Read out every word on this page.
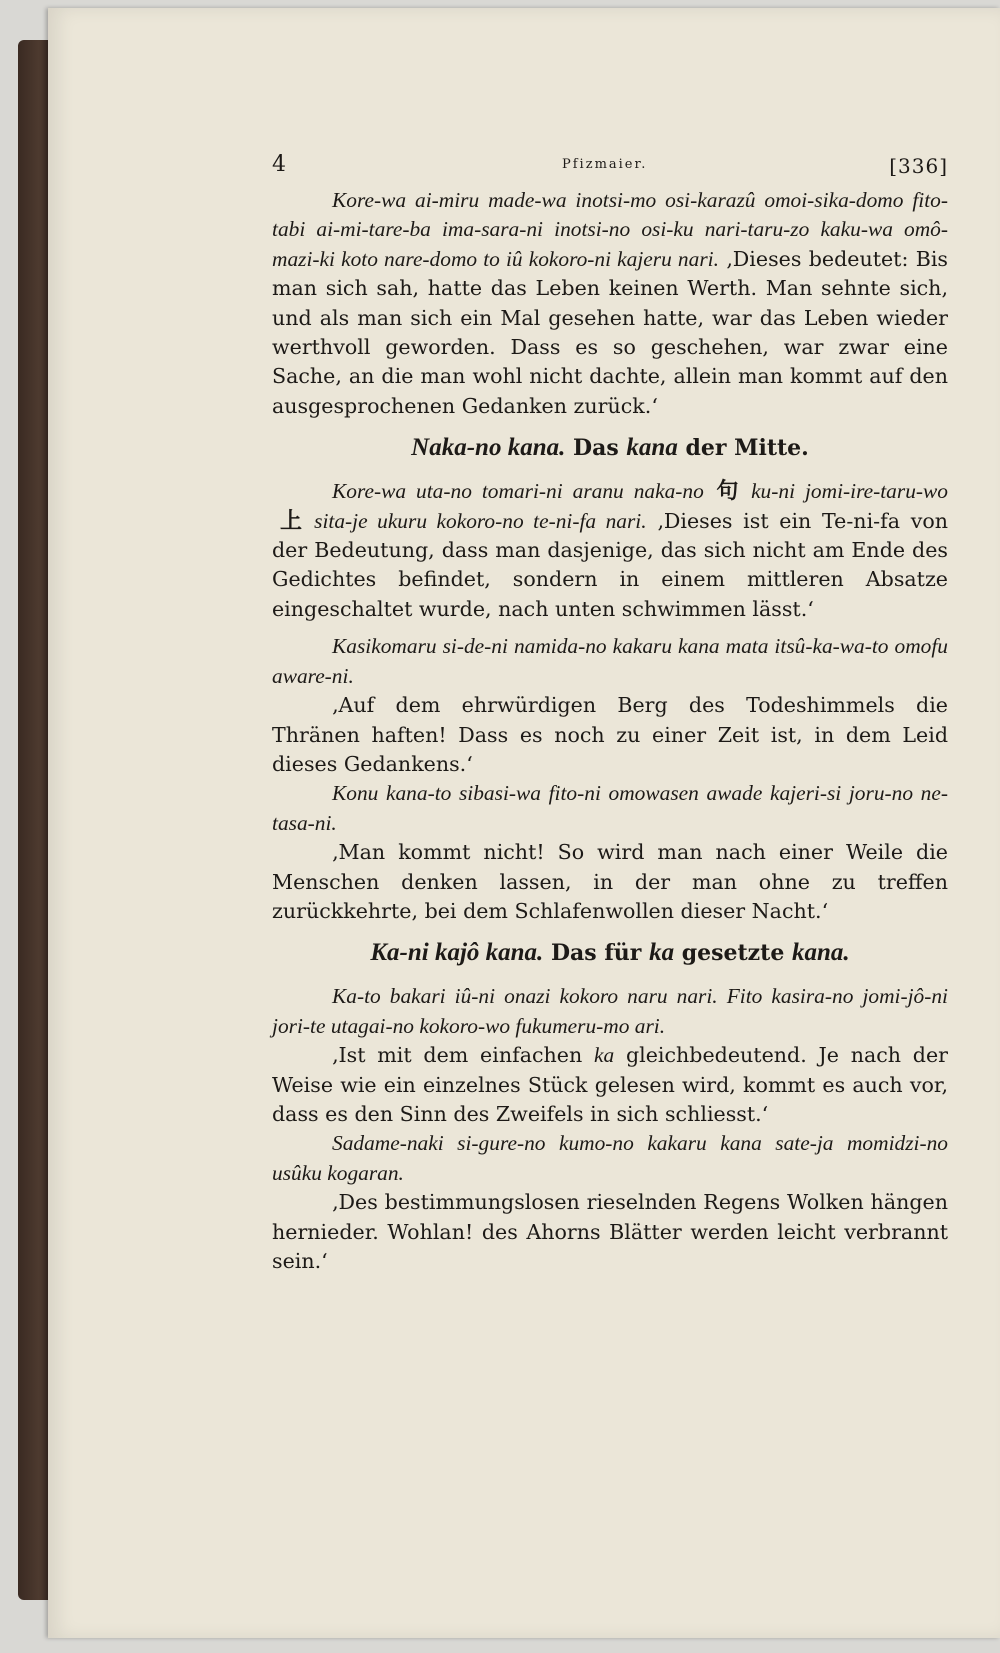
4	Pfizmaier.	[336]

Kore-wa ai-miru made-wa inotsi-mo osi-karazû omoi-sika-domo fito-tabi ai-mi-tare-ba ima-sara-ni inotsi-no osi-ku nari-taru-zo kaku-wa omô-mazi-ki koto nare-domo to iû kokoro-ni kajeru nari. ‚Dieses bedeutet: Bis man sich sah, hatte das Leben keinen Werth. Man sehnte sich, und als man sich ein Mal gesehen hatte, war das Leben wieder werthvoll geworden. Dass es so geschehen, war zwar eine Sache, an die man wohl nicht dachte, allein man kommt auf den ausgesprochenen Gedanken zurück.‘

Naka-no kana. Das kana der Mitte.

Kore-wa uta-no tomari-ni aranu naka-no 句 ku-ni jomi-ire-taru-wo上 sita-je ukuru kokoro-no te-ni-fa nari. ‚Dieses ist ein Te-ni-fa von der Bedeutung, dass man dasjenige, das sich nicht am Ende des Gedichtes befindet, sondern in einem mittleren Absatze eingeschaltet wurde, nach unten schwimmen lässt.‘

Kasikomaru si-de-ni namida-no kakaru kana mata itsû-ka-wa-to omofu aware-ni.

‚Auf dem ehrwürdigen Berg des Todeshimmels die Thränen haften! Dass es noch zu einer Zeit ist, in dem Leid dieses Gedankens.‘

Konu kana-to sibasi-wa fito-ni omowasen awade kajeri-si joru-no ne-tasa-ni.

‚Man kommt nicht! So wird man nach einer Weile die Menschen denken lassen, in der man ohne zu treffen zurückkehrte, bei dem Schlafenwollen dieser Nacht.‘

Ka-ni kajô kana. Das für ka gesetzte kana.

Ka-to bakari iû-ni onazi kokoro naru nari. Fito kasira-no jomi-jô-ni jori-te utagai-no kokoro-wo fukumeru-mo ari.

‚Ist mit dem einfachen ka gleichbedeutend. Je nach der Weise wie ein einzelnes Stück gelesen wird, kommt es auch vor, dass es den Sinn des Zweifels in sich schliesst.‘

Sadame-naki si-gure-no kumo-no kakaru kana sate-ja momidzi-no usûku kogaran.

‚Des bestimmungslosen rieselnden Regens Wolken hängen hernieder. Wohlan! des Ahorns Blätter werden leicht verbrannt sein.‘
